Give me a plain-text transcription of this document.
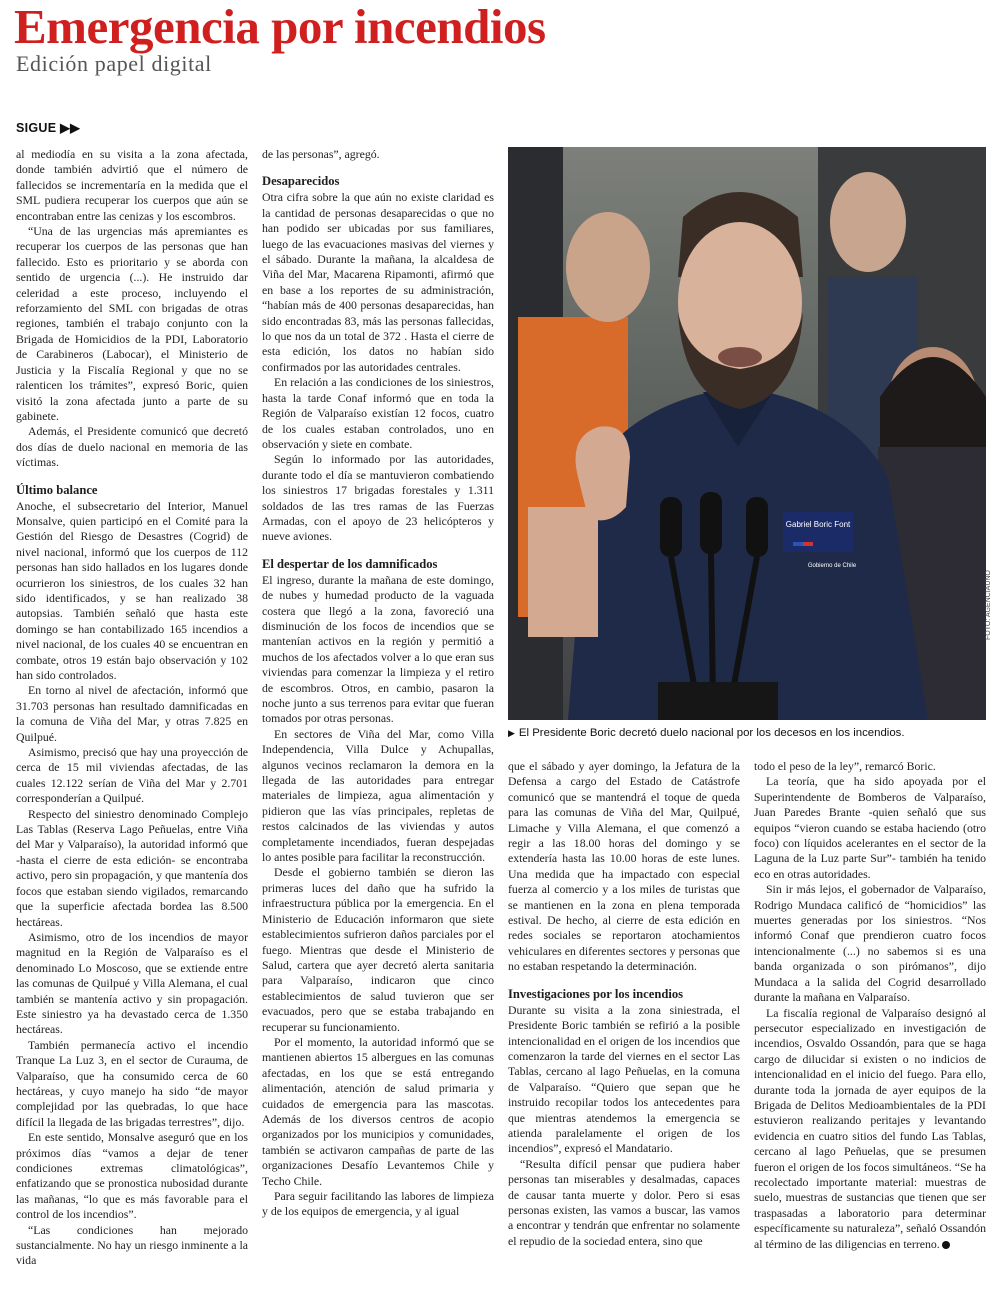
Emergencia por incendios
Edición papel digital
SIGUE ▶▶

al mediodía en su visita a la zona afectada, donde también advirtió que el número de fallecidos se incrementaría en la medida que el SML pudiera recuperar los cuerpos que aún se encontraban entre las cenizas y los escombros.

“Una de las urgencias más apremiantes es recuperar los cuerpos de las personas que han fallecido. Esto es prioritario y se aborda con sentido de urgencia (...). He instruido dar celeridad a este proceso, incluyendo el reforzamiento del SML con brigadas de otras regiones, también el trabajo conjunto con la Brigada de Homicidios de la PDI, Laboratorio de Carabineros (Labocar), el Ministerio de Justicia y la Fiscalía Regional y que no se ralenticen los trámites”, expresó Boric, quien visitó la zona afectada junto a parte de su gabinete.

Además, el Presidente comunicó que decretó dos días de duelo nacional en memoria de las víctimas.

Último balance

Anoche, el subsecretario del Interior, Manuel Monsalve, quien participó en el Comité para la Gestión del Riesgo de Desastres (Cogrid) de nivel nacional, informó que los cuerpos de 112 personas han sido hallados en los lugares donde ocurrieron los siniestros, de los cuales 32 han sido identificados, y se han realizado 38 autopsias. También señaló que hasta este domingo se han contabilizado 165 incendios a nivel nacional, de los cuales 40 se encuentran en combate, otros 19 están bajo observación y 102 han sido controlados.

En torno al nivel de afectación, informó que 31.703 personas han resultado damnificadas en la comuna de Viña del Mar, y otras 7.825 en Quilpué.

Asimismo, precisó que hay una proyección de cerca de 15 mil viviendas afectadas, de las cuales 12.122 serían de Viña del Mar y 2.701 corresponderían a Quilpué.

Respecto del siniestro denominado Complejo Las Tablas (Reserva Lago Peñuelas, entre Viña del Mar y Valparaíso), la autoridad informó que -hasta el cierre de esta edición- se encontraba activo, pero sin propagación, y que mantenía dos focos que estaban siendo vigilados, remarcando que la superficie afectada bordea las 8.500 hectáreas.

Asimismo, otro de los incendios de mayor magnitud en la Región de Valparaíso es el denominado Lo Moscoso, que se extiende entre las comunas de Quilpué y Villa Alemana, el cual también se mantenía activo y sin propagación. Este siniestro ya ha devastado cerca de 1.350 hectáreas.

También permanecía activo el incendio Tranque La Luz 3, en el sector de Curauma, de Valparaíso, que ha consumido cerca de 60 hectáreas, y cuyo manejo ha sido “de mayor complejidad por las quebradas, lo que hace difícil la llegada de las brigadas terrestres”, dijo.

En este sentido, Monsalve aseguró que en los próximos días “vamos a dejar de tener condiciones extremas climatológicas”, enfatizando que se pronostica nubosidad durante las mañanas, “lo que es más favorable para el control de los incendios”.

“Las condiciones han mejorado sustancialmente. No hay un riesgo inminente a la vida

de las personas”, agregó.

Desaparecidos

Otra cifra sobre la que aún no existe claridad es la cantidad de personas desaparecidas o que no han podido ser ubicadas por sus familiares, luego de las evacuaciones masivas del viernes y el sábado. Durante la mañana, la alcaldesa de Viña del Mar, Macarena Ripamonti, afirmó que en base a los reportes de su administración, “habían más de 400 personas desaparecidas, han sido encontradas 83, más las personas fallecidas, lo que nos da un total de 372 . Hasta el cierre de esta edición, los datos no habían sido confirmados por las autoridades centrales.

En relación a las condiciones de los siniestros, hasta la tarde Conaf informó que en toda la Región de Valparaíso existían 12 focos, cuatro de los cuales estaban controlados, uno en observación y siete en combate.

Según lo informado por las autoridades, durante todo el día se mantuvieron combatiendo los siniestros 17 brigadas forestales y 1.311 soldados de las tres ramas de las Fuerzas Armadas, con el apoyo de 23 helicópteros y nueve aviones.

El despertar de los damnificados

El ingreso, durante la mañana de este domingo, de nubes y humedad producto de la vaguada costera que llegó a la zona, favoreció una disminución de los focos de incendios que se mantenían activos en la región y permitió a muchos de los afectados volver a lo que eran sus viviendas para comenzar la limpieza y el retiro de escombros. Otros, en cambio, pasaron la noche junto a sus terrenos para evitar que fueran tomados por otras personas.

En sectores de Viña del Mar, como Villa Independencia, Villa Dulce y Achupallas, algunos vecinos reclamaron la demora en la llegada de las autoridades para entregar materiales de limpieza, agua alimentación y pidieron que las vías principales, repletas de restos calcinados de las viviendas y autos completamente incendiados, fueran despejadas lo antes posible para facilitar la reconstrucción.

Desde el gobierno también se dieron las primeras luces del daño que ha sufrido la infraestructura pública por la emergencia. En el Ministerio de Educación informaron que siete establecimientos sufrieron daños parciales por el fuego. Mientras que desde el Ministerio de Salud, cartera que ayer decretó alerta sanitaria para Valparaíso, indicaron que cinco establecimientos de salud tuvieron que ser evacuados, pero que se estaba trabajando en recuperar su funcionamiento.

Por el momento, la autoridad informó que se mantienen abiertos 15 albergues en las comunas afectadas, en los que se está entregando alimentación, atención de salud primaria y cuidados de emergencia para las mascotas. Además de los diversos centros de acopio organizados por los municipios y comunidades, también se activaron campañas de parte de las organizaciones Desafío Levantemos Chile y Techo Chile.

Para seguir facilitando las labores de limpieza y de los equipos de emergencia, y al igual

Gabriel Boric Font
Gobierno de Chile
FOTO: AGENCIAUNO
▶ El Presidente Boric decretó duelo nacional por los decesos en los incendios.

que el sábado y ayer domingo, la Jefatura de la Defensa a cargo del Estado de Catástrofe comunicó que se mantendrá el toque de queda para las comunas de Viña del Mar, Quilpué, Limache y Villa Alemana, el que comenzó a regir a las 18.00 horas del domingo y se extendería hasta las 10.00 horas de este lunes. Una medida que ha impactado con especial fuerza al comercio y a los miles de turistas que se mantienen en la zona en plena temporada estival. De hecho, al cierre de esta edición en redes sociales se reportaron atochamientos vehiculares en diferentes sectores y personas que no estaban respetando la determinación.

Investigaciones por los incendios

Durante su visita a la zona siniestrada, el Presidente Boric también se refirió a la posible intencionalidad en el origen de los incendios que comenzaron la tarde del viernes en el sector Las Tablas, cercano al lago Peñuelas, en la comuna de Valparaíso. “Quiero que sepan que he instruido recopilar todos los antecedentes para que mientras atendemos la emergencia se atienda paralelamente el origen de los incendios”, expresó el Mandatario.

“Resulta difícil pensar que pudiera haber personas tan miserables y desalmadas, capaces de causar tanta muerte y dolor. Pero si esas personas existen, las vamos a buscar, las vamos a encontrar y tendrán que enfrentar no solamente el repudio de la sociedad entera, sino que

todo el peso de la ley”, remarcó Boric.

La teoría, que ha sido apoyada por el Superintendente de Bomberos de Valparaíso, Juan Paredes Brante -quien señaló que sus equipos “vieron cuando se estaba haciendo (otro foco) con líquidos acelerantes en el sector de la Laguna de la Luz parte Sur”- también ha tenido eco en otras autoridades.

Sin ir más lejos, el gobernador de Valparaíso, Rodrigo Mundaca calificó de “homicidios” las muertes generadas por los siniestros. “Nos informó Conaf que prendieron cuatro focos intencionalmente (...) no sabemos si es una banda organizada o son pirómanos”, dijo Mundaca a la salida del Cogrid desarrollado durante la mañana en Valparaíso.

La fiscalía regional de Valparaíso designó al persecutor especializado en investigación de incendios, Osvaldo Ossandón, para que se haga cargo de dilucidar si existen o no indicios de intencionalidad en el inicio del fuego. Para ello, durante toda la jornada de ayer equipos de la Brigada de Delitos Medioambientales de la PDI estuvieron realizando peritajes y levantando evidencia en cuatro sitios del fundo Las Tablas, cercano al lago Peñuelas, que se presumen fueron el origen de los focos simultáneos. “Se ha recolectado importante material: muestras de suelo, muestras de sustancias que tienen que ser traspasadas a laboratorio para determinar específicamente su naturaleza”, señaló Ossandón al término de las diligencias en terreno.
